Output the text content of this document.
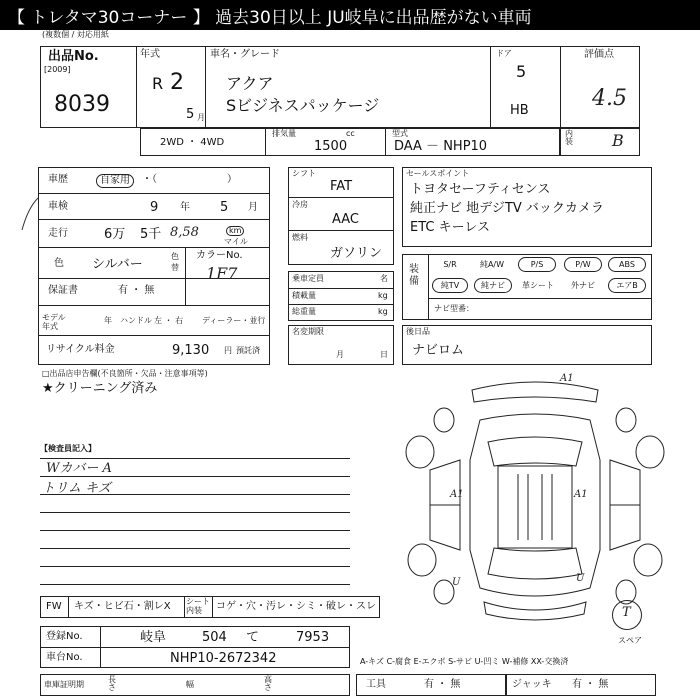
【 トレタマ30コーナー 】 過去30日以上 JU岐阜に出品歴がない車両
(複数個 / 対応用紙
出品No.
[2009]
8039
年式
R 2
5 月
車名・グレード
アクア
Sビジネスパッケージ
ドア
5
HB
評価点
4.5
2WD ・ 4WD
排気量	cc
1500
型式
DAA － NHP10
内装 B
車歴	自家用	・（　　　　　　　）
車検	9 年 5 月
走行	6万 5千 8,58	km
マイル
色 シルバー
色替
カラーNo.
1F7
保証書	有 ・ 無
モデル年式
年 ハンドル 左 ・ 右 ディーラー・並行
リサイクル料金	9,130 円 預託済
シフト
FAT
冷房
AAC
燃料
ガソリン
乗車定員	名
積載量	kg
総重量	kg
名変期限
月	日
セールスポイント
トヨタセーフティセンス
純正ナビ 地デジTV バックカメラ
ETC キーレス
装備
S/R	純A/W	P/S	P/W	ABS
純TV	純ナビ	革シート	外ナビ	エアB
ナビ型番：
後日品
ナビロム
□出品店申告欄(不良箇所・欠品・注意事項等)
★クリーニング済み
【検査員記入】
Wカバー A
トリム キズ
A1
A1	A1
U	U
T
スペア
FW キズ・ヒビ石・割レX シート内装	コゲ・穴・汚レ・シミ・破レ・スレ
登録No.	岐阜	504 て	7953
車台No.	NHP10-2672342	A-キズ C-腐食 E-エクボ S-サビ U-凹ミ W-補修 XX-交換済
車庫証明期
長さ	幅
高さ	工具	有 ・ 無	ジャッキ 有 ・ 無
